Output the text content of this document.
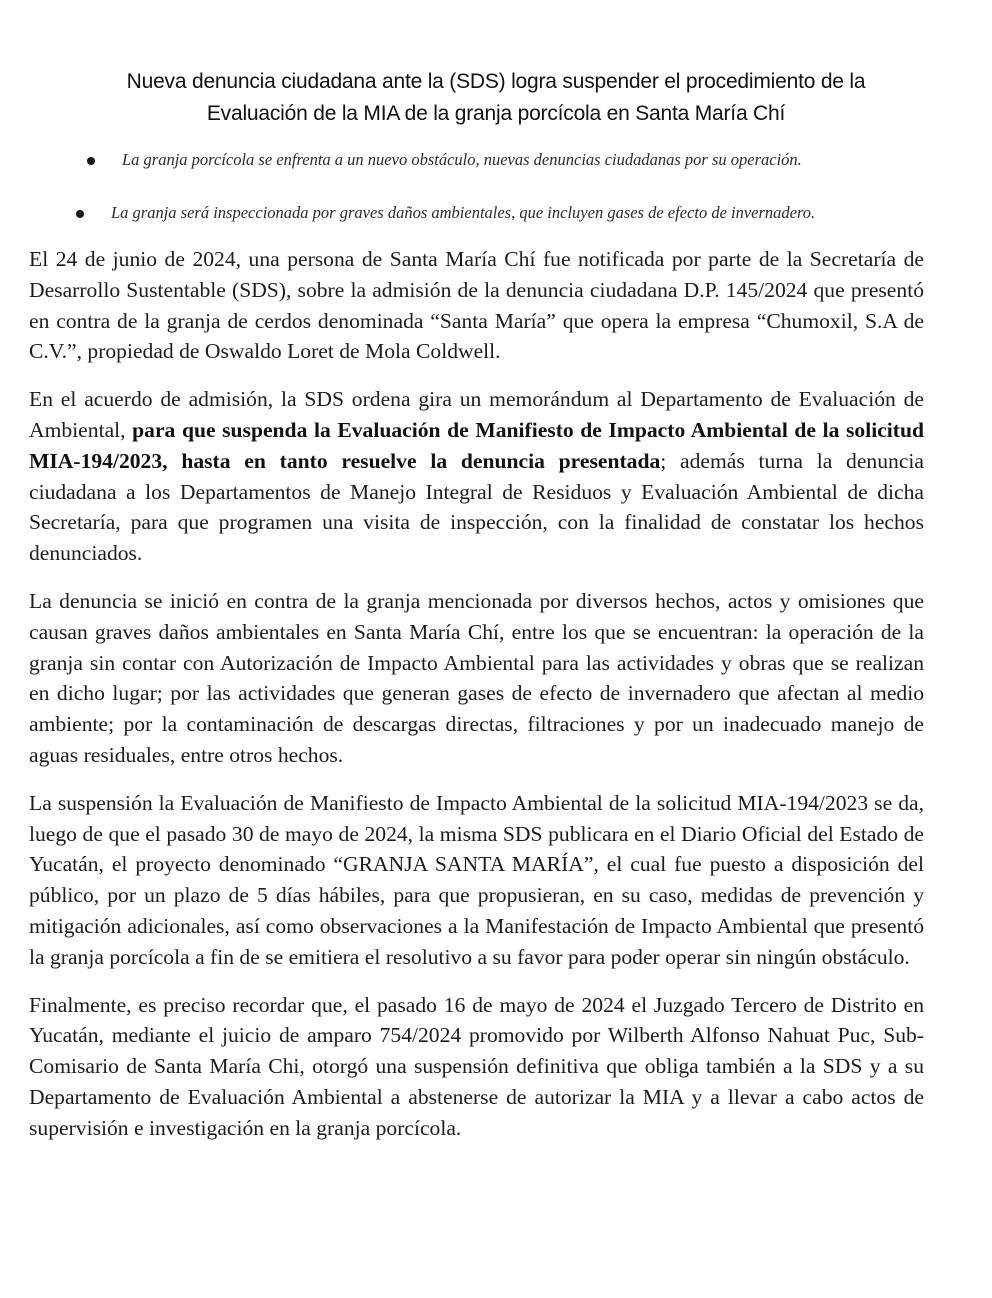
Nueva denuncia ciudadana ante la (SDS) logra suspender el procedimiento de la
Evaluación de la MIA de la granja porcícola en Santa María Chí
La granja porcícola se enfrenta a un nuevo obstáculo, nuevas denuncias ciudadanas por su operación.
La granja será inspeccionada por graves daños ambientales, que incluyen gases de efecto de invernadero.

El 24 de junio de 2024, una persona de Santa María Chí fue notificada por parte de la Secretaría de Desarrollo Sustentable (SDS), sobre la admisión de la denuncia ciudadana D.P. 145/2024 que presentó en contra de la granja de cerdos denominada “Santa María” que opera la empresa “Chumoxil, S.A de C.V.”, propiedad de Oswaldo Loret de Mola Coldwell.

En el acuerdo de admisión, la SDS ordena gira un memorándum al Departamento de Evaluación de Ambiental, para que suspenda la Evaluación de Manifiesto de Impacto Ambiental de la solicitud MIA-194/2023, hasta en tanto resuelve la denuncia presentada; además turna la denuncia ciudadana a los Departamentos de Manejo Integral de Residuos y Evaluación Ambiental de dicha Secretaría, para que programen una visita de inspección, con la finalidad de constatar los hechos denunciados.

La denuncia se inició en contra de la granja mencionada por diversos hechos, actos y omisiones que causan graves daños ambientales en Santa María Chí, entre los que se encuentran: la operación de la granja sin contar con Autorización de Impacto Ambiental para las actividades y obras que se realizan en dicho lugar; por las actividades que generan gases de efecto de invernadero que afectan al medio ambiente; por la contaminación de descargas directas, filtraciones y por un inadecuado manejo de aguas residuales, entre otros hechos.

La suspensión la Evaluación de Manifiesto de Impacto Ambiental de la solicitud MIA-194/2023 se da, luego de que el pasado 30 de mayo de 2024, la misma SDS publicara en el Diario Oficial del Estado de Yucatán, el proyecto denominado “GRANJA SANTA MARÍA”, el cual fue puesto a disposición del público, por un plazo de 5 días hábiles, para que propusieran, en su caso, medidas de prevención y mitigación adicionales, así como observaciones a la Manifestación de Impacto Ambiental que presentó la granja porcícola a fin de se emitiera el resolutivo a su favor para poder operar sin ningún obstáculo.

Finalmente, es preciso recordar que, el pasado 16 de mayo de 2024 el Juzgado Tercero de Distrito en Yucatán, mediante el juicio de amparo 754/2024 promovido por Wilberth Alfonso Nahuat Puc, Sub-Comisario de Santa María Chi, otorgó una suspensión definitiva que obliga también a la SDS y a su Departamento de Evaluación Ambiental a abstenerse de autorizar la MIA y a llevar a cabo actos de supervisión e investigación en la granja porcícola.
